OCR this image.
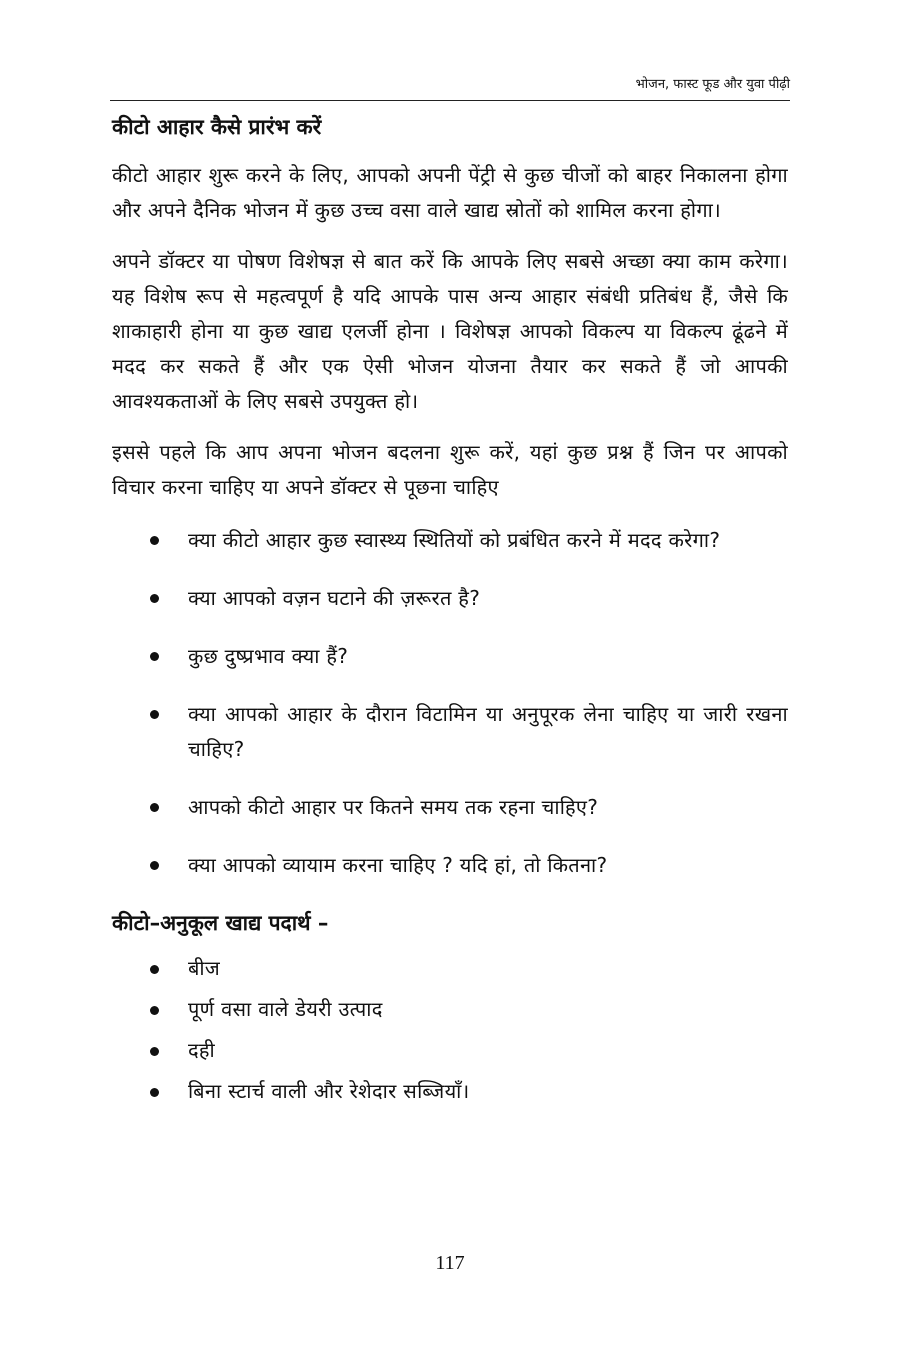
भोजन, फास्ट फूड और युवा पीढ़ी
कीटो आहार कैसे प्रारंभ करें

कीटो आहार शुरू करने के लिए, आपको अपनी पेंट्री से कुछ चीजों को बाहर निकालना होगा और अपने दैनिक भोजन में कुछ उच्च वसा वाले खाद्य स्रोतों को शामिल करना होगा।

अपने डॉक्टर या पोषण विशेषज्ञ से बात करें कि आपके लिए सबसे अच्छा क्या काम करेगा। यह विशेष रूप से महत्वपूर्ण है यदि आपके पास अन्य आहार संबंधी प्रतिबंध हैं, जैसे कि शाकाहारी होना या कुछ खाद्य एलर्जी होना । विशेषज्ञ आपको विकल्प या विकल्प ढूंढने में मदद कर सकते हैं और एक ऐसी भोजन योजना तैयार कर सकते हैं जो आपकी आवश्यकताओं के लिए सबसे उपयुक्त हो।

इससे पहले कि आप अपना भोजन बदलना शुरू करें, यहां कुछ प्रश्न हैं जिन पर आपको विचार करना चाहिए या अपने डॉक्टर से पूछना चाहिए

क्या कीटो आहार कुछ स्वास्थ्य स्थितियों को प्रबंधित करने में मदद करेगा?
क्या आपको वज़न घटाने की ज़रूरत है?
कुछ दुष्प्रभाव क्या हैं?
क्या आपको आहार के दौरान विटामिन या अनुपूरक लेना चाहिए या जारी रखना चाहिए?
आपको कीटो आहार पर कितने समय तक रहना चाहिए?
क्या आपको व्यायाम करना चाहिए ? यदि हां, तो कितना?
कीटो–अनुकूल खाद्य पदार्थ –
बीज
पूर्ण वसा वाले डेयरी उत्पाद
दही
बिना स्टार्च वाली और रेशेदार सब्जियाँ।
117
